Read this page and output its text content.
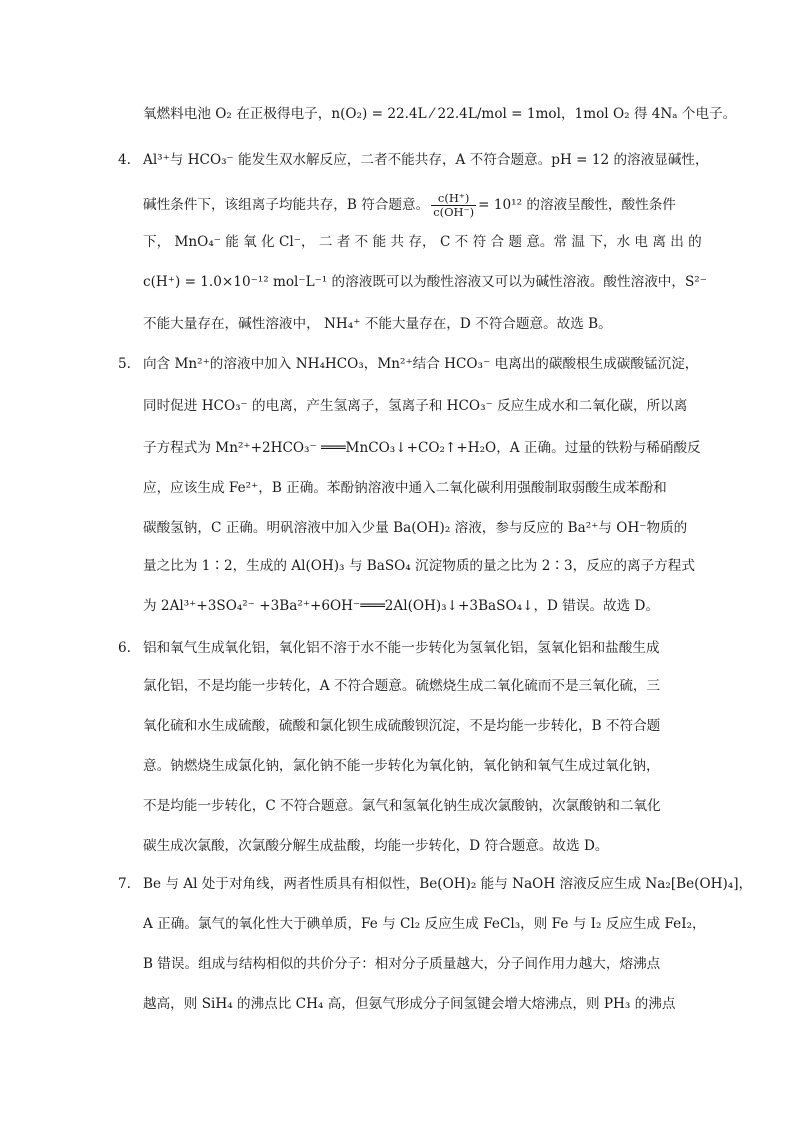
氧燃料电池 O₂ 在正极得电子，n(O₂) = 22.4L ⁄ 22.4L/mol = 1mol，1mol O₂ 得 4Nₐ 个电子。
4. Al³⁺与 HCO₃⁻ 能发生双水解反应，二者不能共存，A 不符合题意。pH = 12 的溶液显碱性，
碱性条件下，该组离子均能共存，B 符合题意。 $\frac{c(H^+)}{c(OH^-)} = 10^{12}$ 的溶液呈酸性，酸性条件
下， MnO₄⁻ 能 氧 化 Cl⁻， 二 者 不 能 共 存， C 不 符 合 题 意。常 温 下，水 电 离 出 的
c(H⁺) = 1.0×10⁻¹² mol⁻L⁻¹ 的溶液既可以为酸性溶液又可以为碱性溶液。酸性溶液中，S²⁻
不能大量存在，碱性溶液中， NH₄⁺ 不能大量存在，D 不符合题意。故选 B。
5. 向含 Mn²⁺的溶液中加入 NH₄HCO₃，Mn²⁺结合 HCO₃⁻ 电离出的碳酸根生成碳酸锰沉淀，
同时促进 HCO₃⁻ 的电离，产生氢离子，氢离子和 HCO₃⁻ 反应生成水和二氧化碳，所以离
子方程式为 Mn²⁺+2HCO₃⁻ ═══MnCO₃↓+CO₂↑+H₂O，A 正确。过量的铁粉与稀硝酸反
应，应该生成 Fe²⁺，B 正确。苯酚钠溶液中通入二氧化碳利用强酸制取弱酸生成苯酚和
碳酸氢钠，C 正确。明矾溶液中加入少量 Ba(OH)₂ 溶液，参与反应的 Ba²⁺与 OH⁻物质的
量之比为 1∶2，生成的 Al(OH)₃ 与 BaSO₄ 沉淀物质的量之比为 2∶3，反应的离子方程式
为 2Al³⁺+3SO₄²⁻ +3Ba²⁺+6OH⁻═══2Al(OH)₃↓+3BaSO₄↓，D 错误。故选 D。
6. 铝和氧气生成氧化铝，氧化铝不溶于水不能一步转化为氢氧化铝，氢氧化铝和盐酸生成
氯化铝，不是均能一步转化，A 不符合题意。硫燃烧生成二氧化硫而不是三氧化硫，三
氧化硫和水生成硫酸，硫酸和氯化钡生成硫酸钡沉淀，不是均能一步转化，B 不符合题
意。钠燃烧生成氯化钠，氯化钠不能一步转化为氧化钠，氧化钠和氧气生成过氧化钠，
不是均能一步转化，C 不符合题意。氯气和氢氧化钠生成次氯酸钠，次氯酸钠和二氧化
碳生成次氯酸，次氯酸分解生成盐酸，均能一步转化，D 符合题意。故选 D。
7. Be 与 Al 处于对角线，两者性质具有相似性，Be(OH)₂ 能与 NaOH 溶液反应生成 Na₂[Be(OH)₄]，
A 正确。氯气的氧化性大于碘单质，Fe 与 Cl₂ 反应生成 FeCl₃，则 Fe 与 I₂ 反应生成 FeI₂，
B 错误。组成与结构相似的共价分子：相对分子质量越大，分子间作用力越大，熔沸点
越高，则 SiH₄ 的沸点比 CH₄ 高，但氨气形成分子间氢键会增大熔沸点，则 PH₃ 的沸点
